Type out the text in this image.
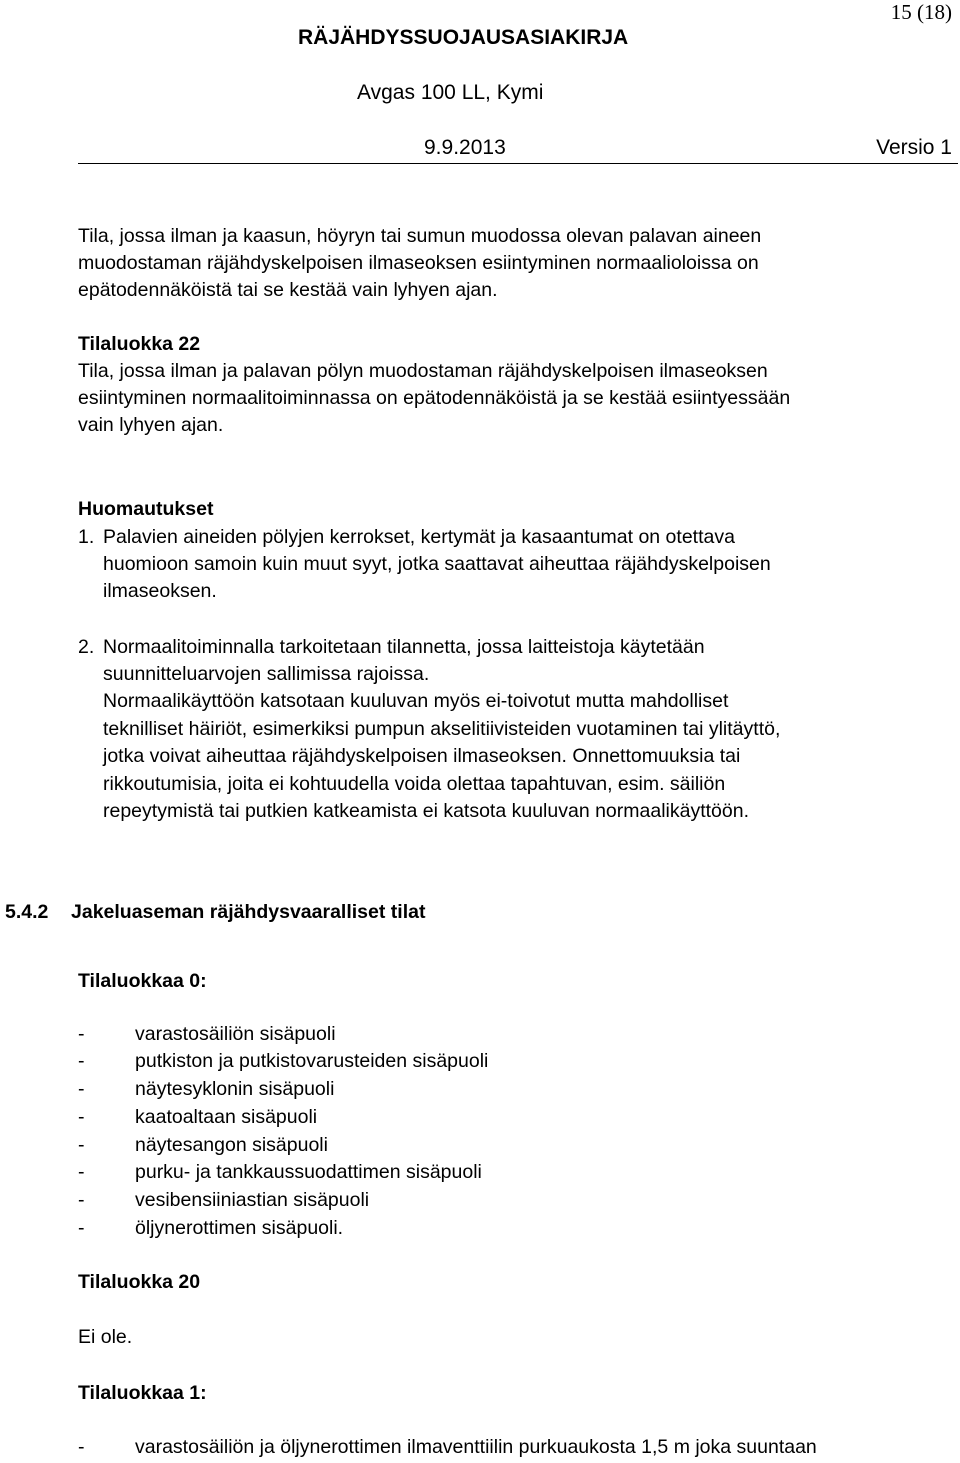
15 (18)
RÄJÄHDYSSUOJAUSASIAKIRJA
Avgas 100 LL, Kymi
9.9.2013	Versio 1
Tila, jossa ilman ja kaasun, höyryn tai sumun muodossa olevan palavan aineen
muodostaman räjähdyskelpoisen ilmaseoksen esiintyminen normaalioloissa on
epätodennäköistä tai se kestää vain lyhyen ajan.
Tilaluokka 22
Tila, jossa ilman ja palavan pölyn muodostaman räjähdyskelpoisen ilmaseoksen
esiintyminen normaalitoiminnassa on epätodennäköistä ja se kestää esiintyessään
vain lyhyen ajan.
Huomautukset
1. Palavien aineiden pölyjen kerrokset, kertymät ja kasaantumat on otettava
huomioon samoin kuin muut syyt, jotka saattavat aiheuttaa räjähdyskelpoisen
ilmaseoksen.
2. Normaalitoiminnalla tarkoitetaan tilannetta, jossa laitteistoja käytetään
suunnitteluarvojen sallimissa rajoissa.
Normaalikäyttöön katsotaan kuuluvan myös ei-toivotut mutta mahdolliset
teknilliset häiriöt, esimerkiksi pumpun akselitiivisteiden vuotaminen tai ylitäyttö,
jotka voivat aiheuttaa räjähdyskelpoisen ilmaseoksen. Onnettomuuksia tai
rikkoutumisia, joita ei kohtuudella voida olettaa tapahtuvan, esim. säiliön
repeytymistä tai putkien katkeamista ei katsota kuuluvan normaalikäyttöön.
5.4.2 Jakeluaseman räjähdysvaaralliset tilat
Tilaluokkaa 0:
-	varastosäiliön sisäpuoli
-	putkiston ja putkistovarusteiden sisäpuoli
-	näytesyklonin sisäpuoli
-	kaatoaltaan sisäpuoli
-	näytesangon sisäpuoli
-	purku- ja tankkaussuodattimen sisäpuoli
-	vesibensiiniastian sisäpuoli
-	öljynerottimen sisäpuoli.
Tilaluokka 20
Ei ole.
Tilaluokkaa 1:
-	varastosäiliön ja öljynerottimen ilmaventtiilin purkuaukosta 1,5 m joka suuntaan
